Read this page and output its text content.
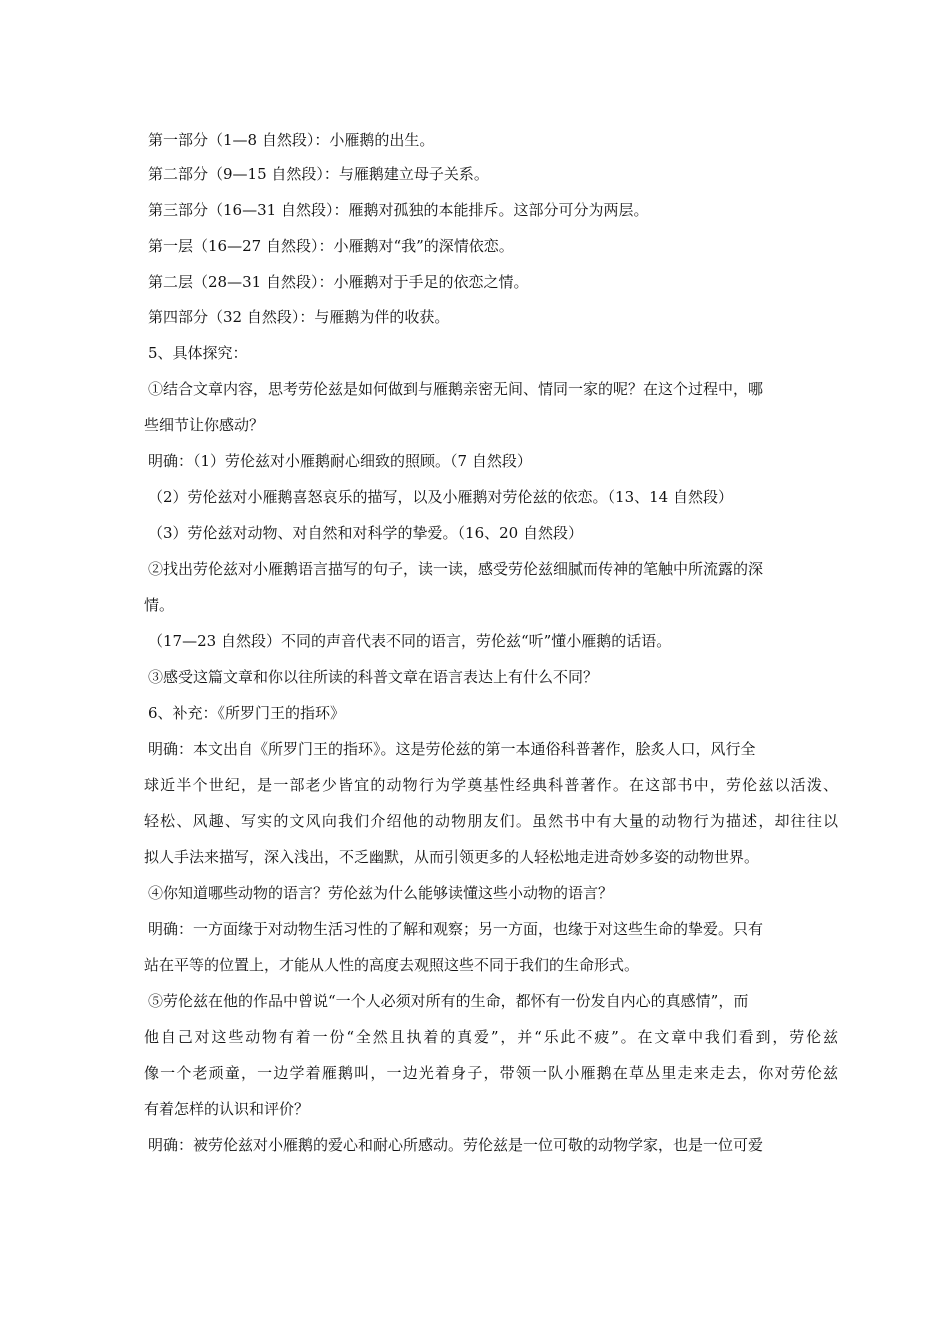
第一部分（1—8 自然段）：小雁鹅的出生。
第二部分（9—15 自然段）：与雁鹅建立母子关系。
第三部分（16—31 自然段）：雁鹅对孤独的本能排斥。这部分可分为两层。
第一层（16—27 自然段）：小雁鹅对“我”的深情依恋。
第二层（28—31 自然段）：小雁鹅对于手足的依恋之情。
第四部分（32 自然段）：与雁鹅为伴的收获。
5、具体探究：
①结合文章内容，思考劳伦兹是如何做到与雁鹅亲密无间、情同一家的呢？在这个过程中，哪
些细节让你感动？
明确：（1）劳伦兹对小雁鹅耐心细致的照顾。（7 自然段）
（2）劳伦兹对小雁鹅喜怒哀乐的描写，以及小雁鹅对劳伦兹的依恋。（13、14 自然段）
（3）劳伦兹对动物、对自然和对科学的挚爱。（16、20 自然段）
②找出劳伦兹对小雁鹅语言描写的句子，读一读，感受劳伦兹细腻而传神的笔触中所流露的深
情。
（17—23 自然段）不同的声音代表不同的语言，劳伦兹“听”懂小雁鹅的话语。
③感受这篇文章和你以往所读的科普文章在语言表达上有什么不同？
6、补充：《所罗门王的指环》
明确：本文出自《所罗门王的指环》。这是劳伦兹的第一本通俗科普著作，脍炙人口，风行全
球近半个世纪，是一部老少皆宜的动物行为学奠基性经典科普著作。在这部书中，劳伦兹以活泼、
轻松、风趣、写实的文风向我们介绍他的动物朋友们。虽然书中有大量的动物行为描述，却往往以
拟人手法来描写，深入浅出，不乏幽默，从而引领更多的人轻松地走进奇妙多姿的动物世界。
④你知道哪些动物的语言？劳伦兹为什么能够读懂这些小动物的语言？
明确：一方面缘于对动物生活习性的了解和观察；另一方面，也缘于对这些生命的挚爱。只有
站在平等的位置上，才能从人性的高度去观照这些不同于我们的生命形式。
⑤劳伦兹在他的作品中曾说“一个人必须对所有的生命，都怀有一份发自内心的真感情”，而
他自己对这些动物有着一份“全然且执着的真爱”，并“乐此不疲”。在文章中我们看到，劳伦兹
像一个老顽童，一边学着雁鹅叫，一边光着身子，带领一队小雁鹅在草丛里走来走去，你对劳伦兹
有着怎样的认识和评价？
明确：被劳伦兹对小雁鹅的爱心和耐心所感动。劳伦兹是一位可敬的动物学家，也是一位可爱
